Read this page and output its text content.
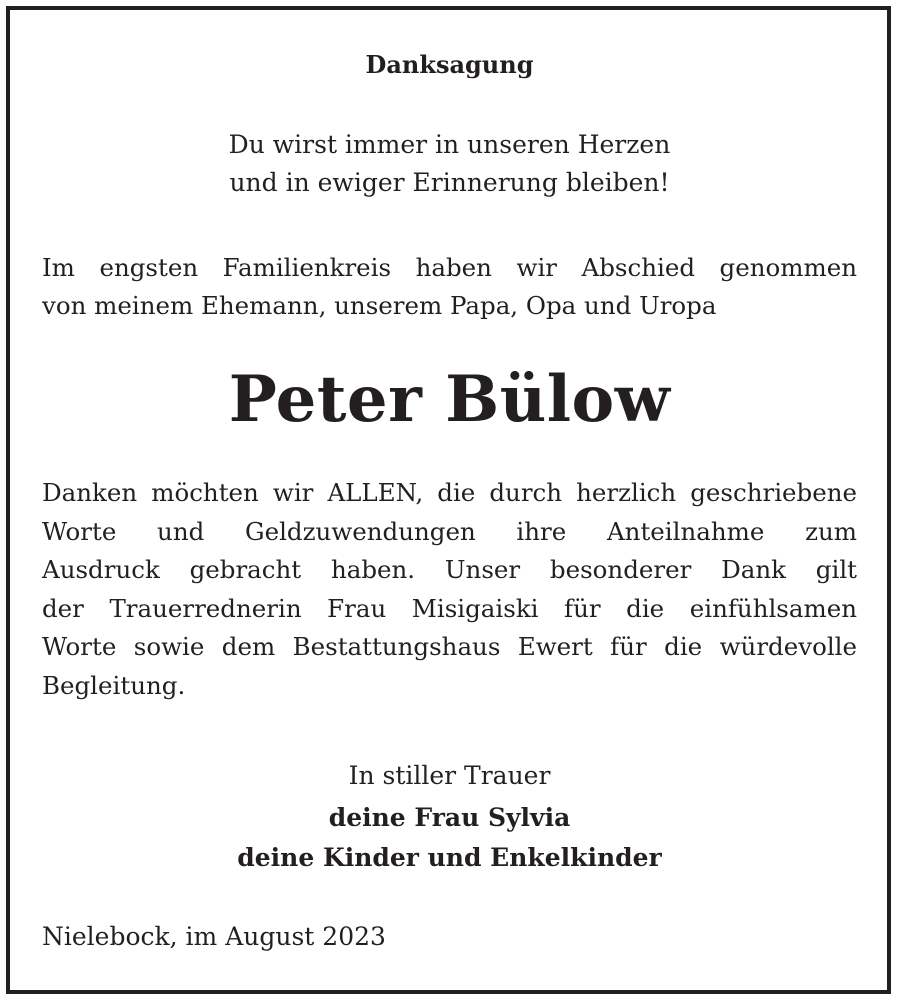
Danksagung
Du wirst immer in unseren Herzen
und in ewiger Erinnerung bleiben!
Im engsten Familienkreis haben wir Abschied genommen
von meinem Ehemann, unserem Papa, Opa und Uropa
Peter Bülow
Danken möchten wir ALLEN, die durch herzlich geschriebene
Worte und Geldzuwendungen ihre Anteilnahme zum
Ausdruck gebracht haben. Unser besonderer Dank gilt
der Trauerrednerin Frau Misigaiski für die einfühlsamen
Worte sowie dem Bestattungshaus Ewert für die würdevolle
Begleitung.
In stiller Trauer
deine Frau Sylvia
deine Kinder und Enkelkinder
Nielebock, im August 2023
